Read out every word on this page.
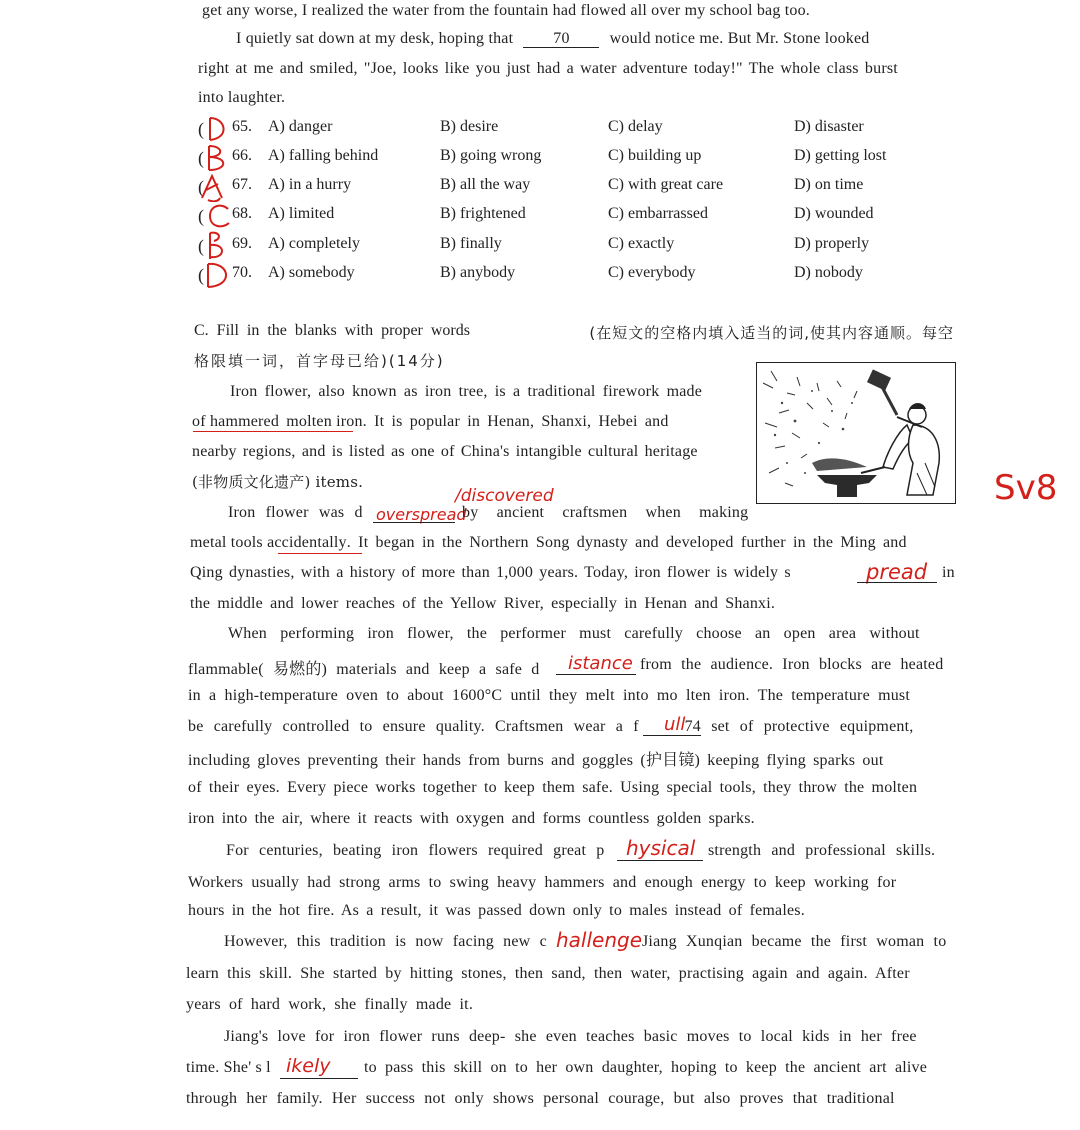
get any worse, I realized the water from the fountain had flowed all over my school bag too.
I quietly sat down at my desk, hoping that	70	would notice me. But Mr. Stone looked
right at me and smiled, "Joe, looks like you just had a water adventure today!" The whole class burst
into laughter.
( 65. A) danger	B) desire	C) delay	D) disaster
( 66. A) falling behind	B) going wrong	C) building up	D) getting lost
( 67. A) in a hurry	B) all the way	C) with great care	D) on time
( 68. A) limited	B) frightened	C) embarrassed	D) wounded
( 69. A) completely	B) finally	C) exactly	D) properly
( 70. A) somebody	B) anybody	C) everybody	D) nobody
C. Fill in the blanks with proper words	(在短文的空格内填入适当的词,使其内容通顺。每空
格限填一词，首字母已给)(14分)
Iron flower, also known as iron tree, is a traditional firework made
of hammered molten iron. It is popular in Henan, Shanxi, Hebei and
nearby regions, and is listed as one of China's intangible cultural heritage
(非物质文化遗产) items.
Iron flower was d overspread
/discovered
by ancient craftsmen when making
metal tools accidentally. It began in the Northern Song dynasty and developed further in the Ming and
Qing dynasties, with a history of more than 1,000 years. Today, iron flower is widely s	pread in
the middle and lower reaches of the Yellow River, especially in Henan and Shanxi.
When performing iron flower, the performer must carefully choose an open area without
flammable( 易燃的) materials and keep a safe d istance from the audience. Iron blocks are heated
in a high-temperature oven to about 1600°C until they melt into mo lten iron. The temperature must
be carefully controlled to ensure quality. Craftsmen wear a f	74 set of protective equipment,
ull
including gloves preventing their hands from burns and goggles (护目镜) keeping flying sparks out
of their eyes. Every piece works together to keep them safe. Using special tools, they throw the molten
iron into the air, where it reacts with oxygen and forms countless golden sparks.
For centuries, beating iron flowers required great p hysical strength and professional skills.
Workers usually had strong arms to swing heavy hammers and enough energy to keep working for
hours in the hot fire. As a result, it was passed down only to males instead of females.
However, this tradition is now facing new c hallenge Jiang Xunqian became the first woman to
learn this skill. She started by hitting stones, then sand, then water, practising again and again. After
years of hard work, she finally made it.
Jiang's love for iron flower runs deep- she even teaches basic moves to local kids in her free
time. She' s l ikely to pass this skill on to her own daughter, hoping to keep the ancient art alive
through her family. Her success not only shows personal courage, but also proves that traditional
Sv8
